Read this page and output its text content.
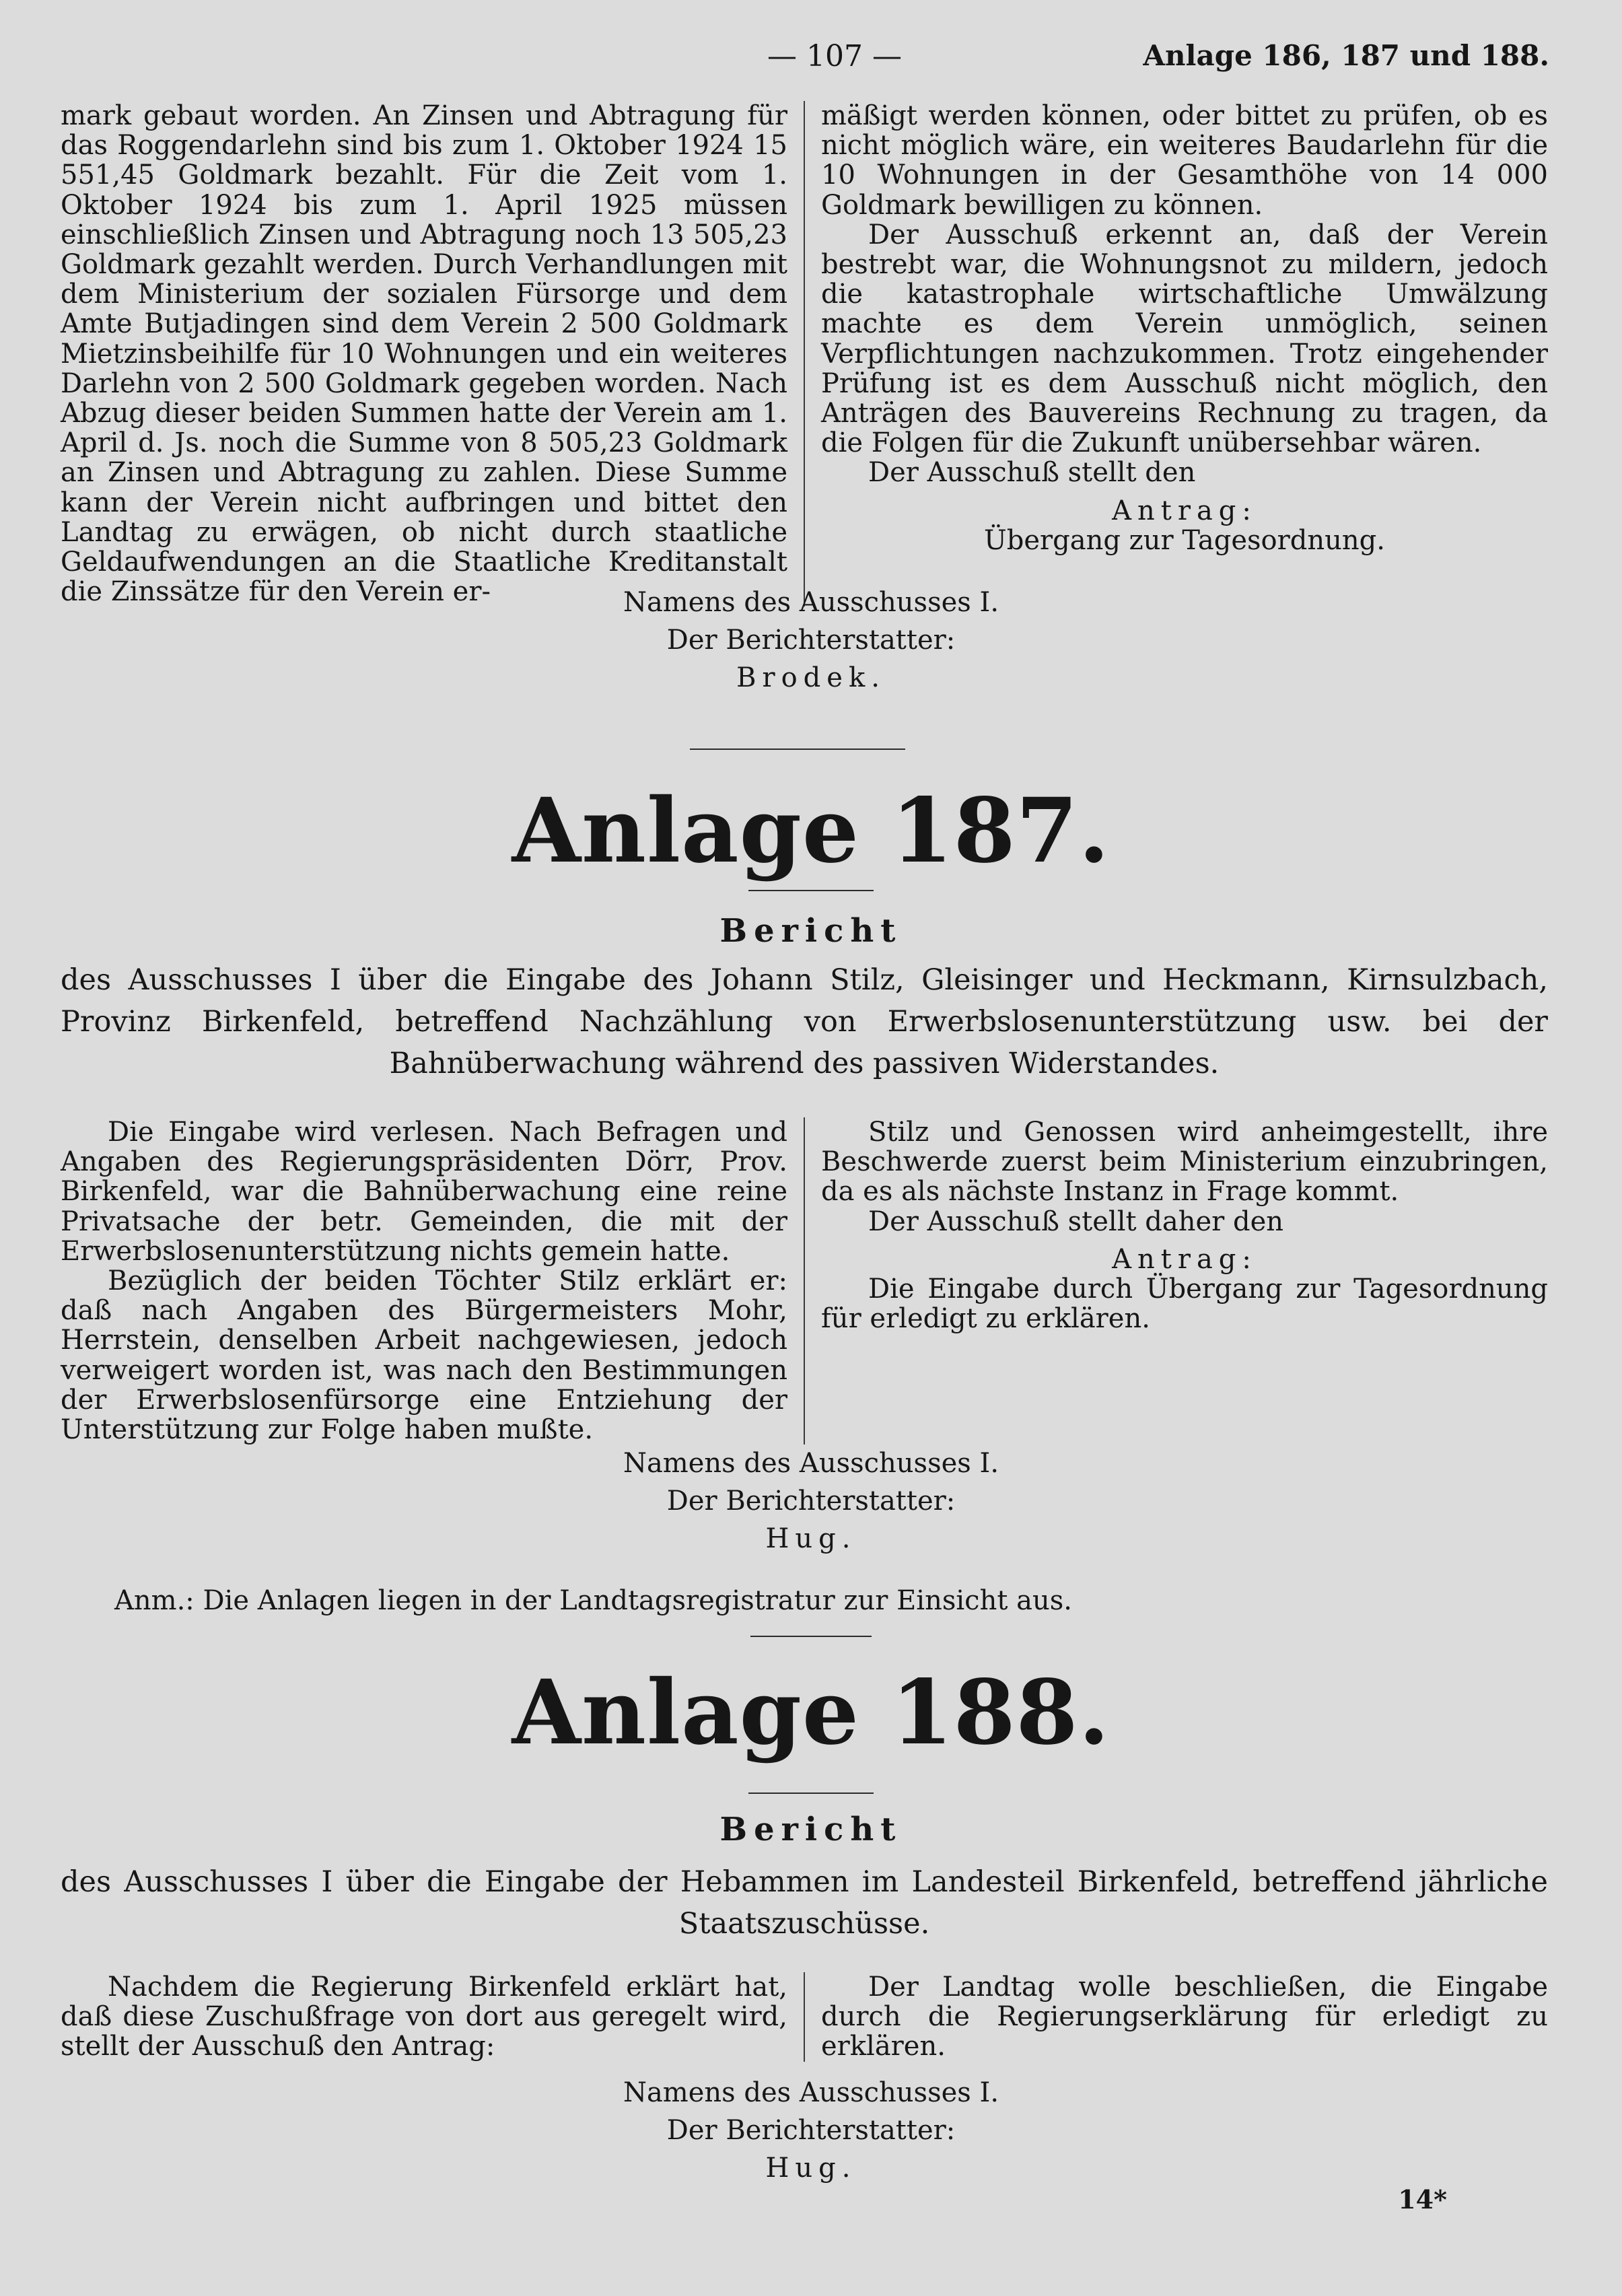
— 107 —	Anlage 186, 187 und 188.

mark gebaut worden. An Zinsen und Abtragung für das Roggendarlehn sind bis zum 1. Oktober 1924 15 551,45 Goldmark bezahlt. Für die Zeit vom 1. Oktober 1924 bis zum 1. April 1925 müssen einschließlich Zinsen und Abtragung noch 13 505,23 Goldmark gezahlt werden. Durch Verhandlungen mit dem Ministerium der sozialen Fürsorge und dem Amte Butjadingen sind dem Verein 2 500 Goldmark Mietzinsbeihilfe für 10 Wohnungen und ein weiteres Darlehn von 2 500 Goldmark gegeben worden. Nach Abzug dieser beiden Summen hatte der Verein am 1. April d. Js. noch die Summe von 8 505,23 Goldmark an Zinsen und Abtragung zu zahlen. Diese Summe kann der Verein nicht aufbringen und bittet den Landtag zu erwägen, ob nicht durch staatliche Geldaufwendungen an die Staatliche Kreditanstalt die Zinssätze für den Verein er-

mäßigt werden können, oder bittet zu prüfen, ob es nicht möglich wäre, ein weiteres Baudarlehn für die 10 Wohnungen in der Gesamthöhe von 14 000 Goldmark bewilligen zu können.

Der Ausschuß erkennt an, daß der Verein bestrebt war, die Wohnungsnot zu mildern, jedoch die katastrophale wirtschaftliche Umwälzung machte es dem Verein unmöglich, seinen Verpflichtungen nachzukommen. Trotz eingehender Prüfung ist es dem Ausschuß nicht möglich, den Anträgen des Bauvereins Rechnung zu tragen, da die Folgen für die Zukunft unübersehbar wären.

Der Ausschuß stellt den

Antrag:

Übergang zur Tagesordnung.

Namens des Ausschusses I.
Der Berichterstatter:
Brodek.
Anlage 187.
Bericht
des Ausschusses I über die Eingabe des Johann Stilz, Gleisinger und Heckmann, Kirnsulzbach, Provinz Birkenfeld, betreffend Nachzählung von Erwerbslosenunterstützung usw. bei der Bahnüberwachung während des passiven Widerstandes.

Die Eingabe wird verlesen. Nach Befragen und Angaben des Regierungspräsidenten Dörr, Prov. Birkenfeld, war die Bahnüberwachung eine reine Privatsache der betr. Gemeinden, die mit der Erwerbslosenunterstützung nichts gemein hatte.

Bezüglich der beiden Töchter Stilz erklärt er: daß nach Angaben des Bürgermeisters Mohr, Herrstein, denselben Arbeit nachgewiesen, jedoch verweigert worden ist, was nach den Bestimmungen der Erwerbslosenfürsorge eine Entziehung der Unterstützung zur Folge haben mußte.

Stilz und Genossen wird anheimgestellt, ihre Beschwerde zuerst beim Ministerium einzubringen, da es als nächste Instanz in Frage kommt.

Der Ausschuß stellt daher den

Antrag:

Die Eingabe durch Übergang zur Tagesordnung für erledigt zu erklären.

Namens des Ausschusses I.
Der Berichterstatter:
Hug.
Anm.: Die Anlagen liegen in der Landtagsregistratur zur Einsicht aus.
Anlage 188.
Bericht
des Ausschusses I über die Eingabe der Hebammen im Landesteil Birkenfeld, betreffend jährliche Staatszuschüsse.

Nachdem die Regierung Birkenfeld erklärt hat, daß diese Zuschußfrage von dort aus geregelt wird, stellt der Ausschuß den Antrag:

Der Landtag wolle beschließen, die Eingabe durch die Regierungserklärung für erledigt zu erklären.

Namens des Ausschusses I.
Der Berichterstatter:
Hug.
14*
